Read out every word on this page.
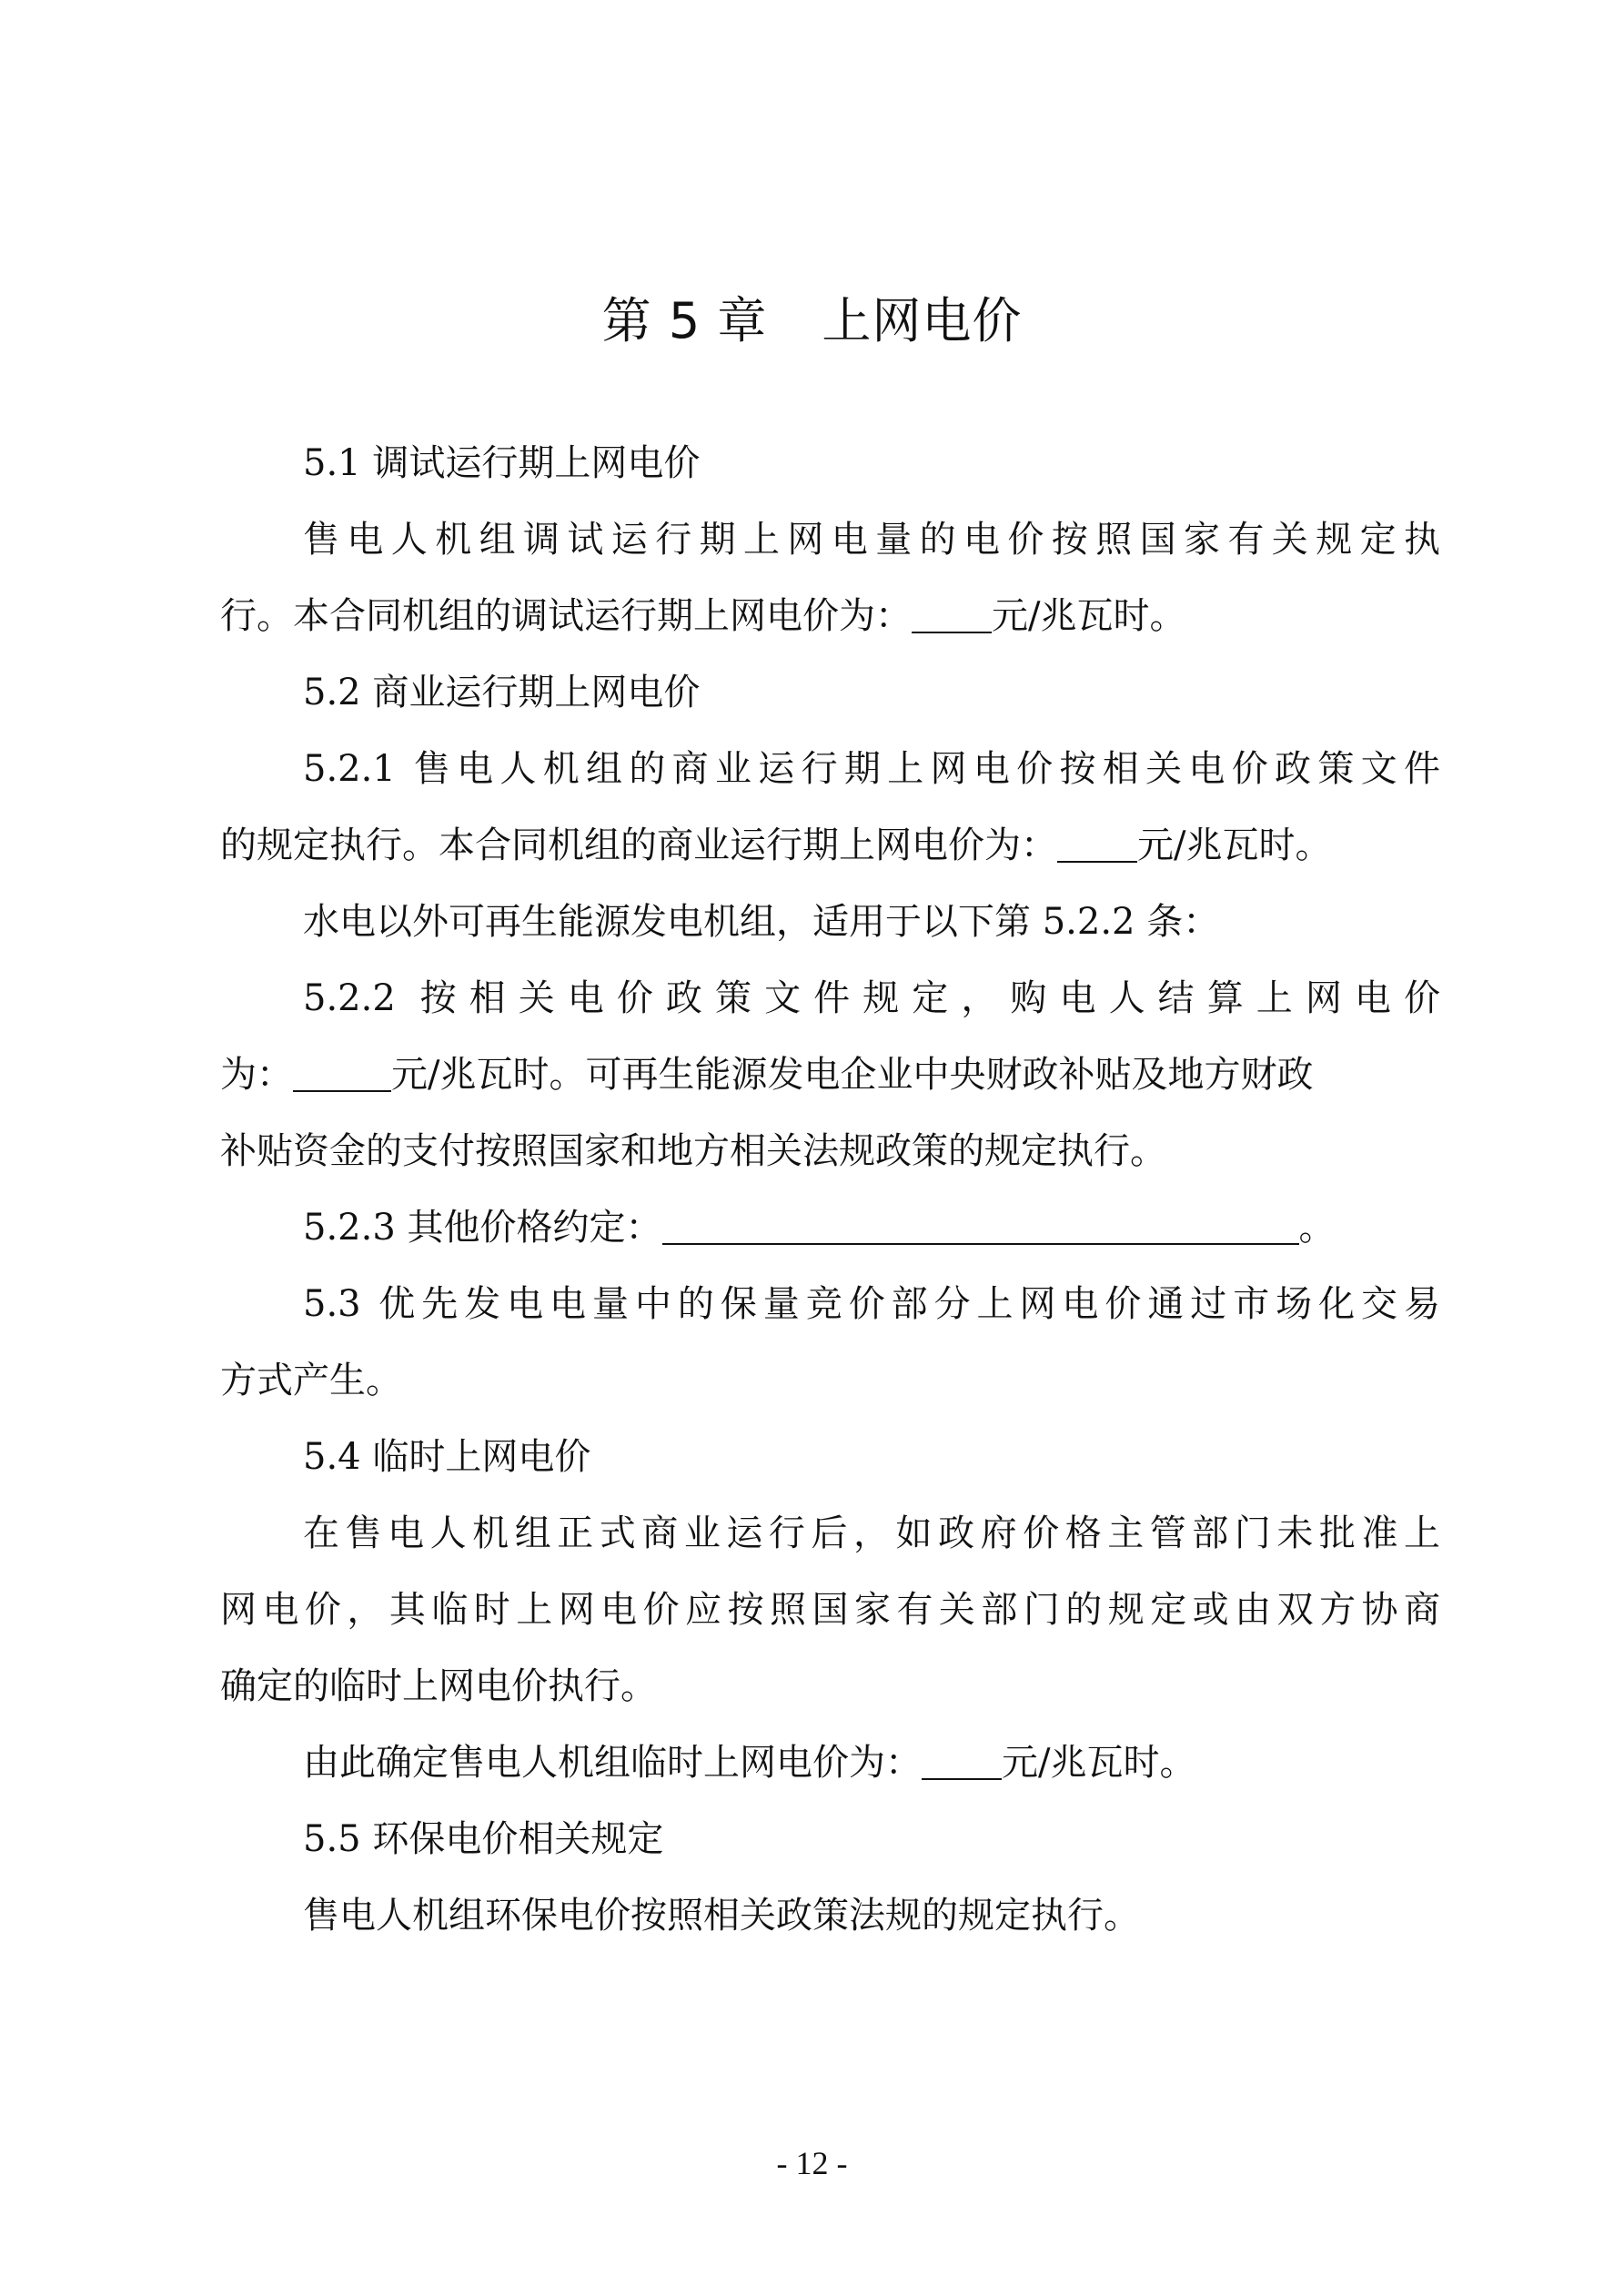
第 5 章 上网电价
5.1 调试运行期上网电价
售电人机组调试运行期上网电量的电价按照国家有关规定执
行。本合同机组的调试运行期上网电价为： 元/兆瓦时。
5.2 商业运行期上网电价
5.2.1 售电人机组的商业运行期上网电价按相关电价政策文件
的规定执行。本合同机组的商业运行期上网电价为： 元/兆瓦时。
水电以外可再生能源发电机组，适用于以下第 5.2.2 条：
5.2.2 按相关电价政策文件规定，购电人结算上网电价
为：	元/兆瓦时。可再生能源发电企业中央财政补贴及地方财政
补贴资金的支付按照国家和地方相关法规政策的规定执行。
5.2.3 其他价格约定：	。
5.3 优先发电电量中的保量竞价部分上网电价通过市场化交易
方式产生。
5.4 临时上网电价
在售电人机组正式商业运行后，如政府价格主管部门未批准上
网电价，其临时上网电价应按照国家有关部门的规定或由双方协商
确定的临时上网电价执行。
由此确定售电人机组临时上网电价为： 元/兆瓦时。
5.5 环保电价相关规定
售电人机组环保电价按照相关政策法规的规定执行。
- 12 -
